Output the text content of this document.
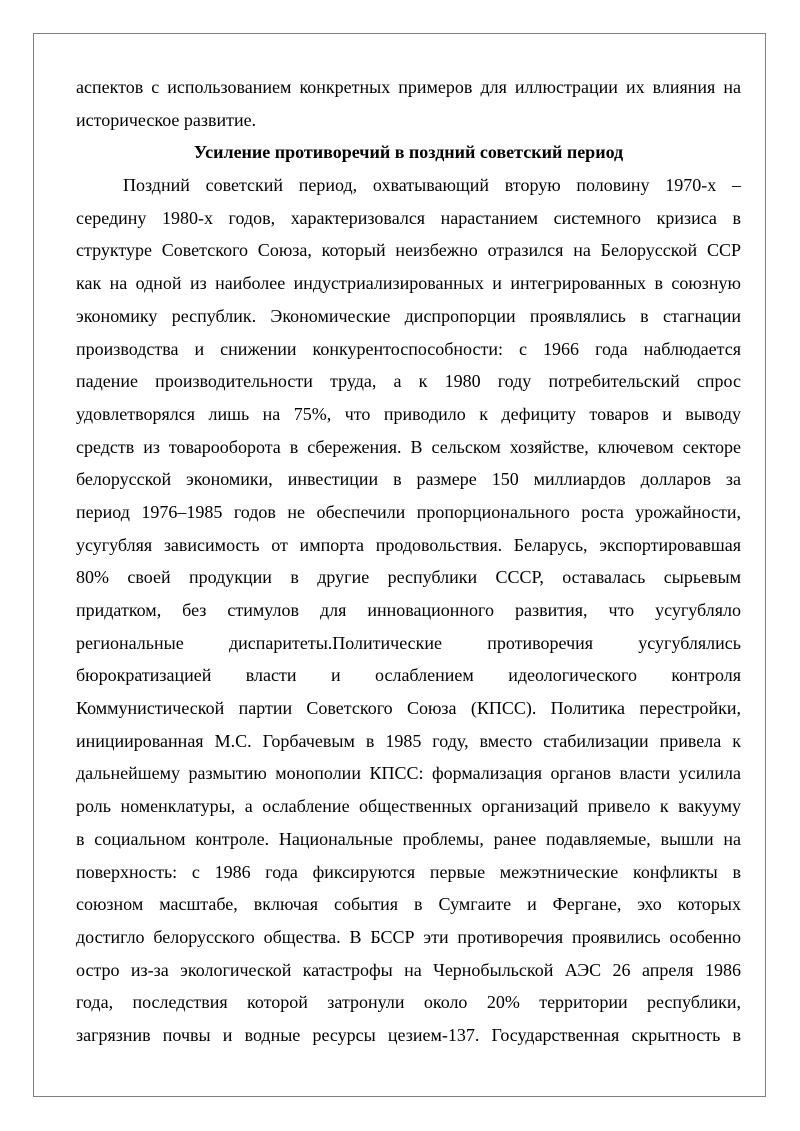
аспектов с использованием конкретных примеров для иллюстрации их влияния на
историческое развитие.
Усиление противоречий в поздний советский период
Поздний советский период, охватывающий вторую половину 1970-х –
середину 1980-х годов, характеризовался нарастанием системного кризиса в
структуре Советского Союза, который неизбежно отразился на Белорусской ССР
как на одной из наиболее индустриализированных и интегрированных в союзную
экономику республик. Экономические диспропорции проявлялись в стагнации
производства и снижении конкурентоспособности: с 1966 года наблюдается
падение производительности труда, а к 1980 году потребительский спрос
удовлетворялся лишь на 75%, что приводило к дефициту товаров и выводу
средств из товарооборота в сбережения. В сельском хозяйстве, ключевом секторе
белорусской экономики, инвестиции в размере 150 миллиардов долларов за
период 1976–1985 годов не обеспечили пропорционального роста урожайности,
усугубляя зависимость от импорта продовольствия. Беларусь, экспортировавшая
80% своей продукции в другие республики СССР, оставалась сырьевым
придатком, без стимулов для инновационного развития, что усугубляло
региональные диспаритеты.Политические противоречия усугублялись
бюрократизацией власти и ослаблением идеологического контроля
Коммунистической партии Советского Союза (КПСС). Политика перестройки,
инициированная М.С. Горбачевым в 1985 году, вместо стабилизации привела к
дальнейшему размытию монополии КПСС: формализация органов власти усилила
роль номенклатуры, а ослабление общественных организаций привело к вакууму
в социальном контроле. Национальные проблемы, ранее подавляемые, вышли на
поверхность: с 1986 года фиксируются первые межэтнические конфликты в
союзном масштабе, включая события в Сумгаите и Фергане, эхо которых
достигло белорусского общества. В БССР эти противоречия проявились особенно
остро из-за экологической катастрофы на Чернобыльской АЭС 26 апреля 1986
года, последствия которой затронули около 20% территории республики,
загрязнив почвы и водные ресурсы цезием-137. Государственная скрытность в
